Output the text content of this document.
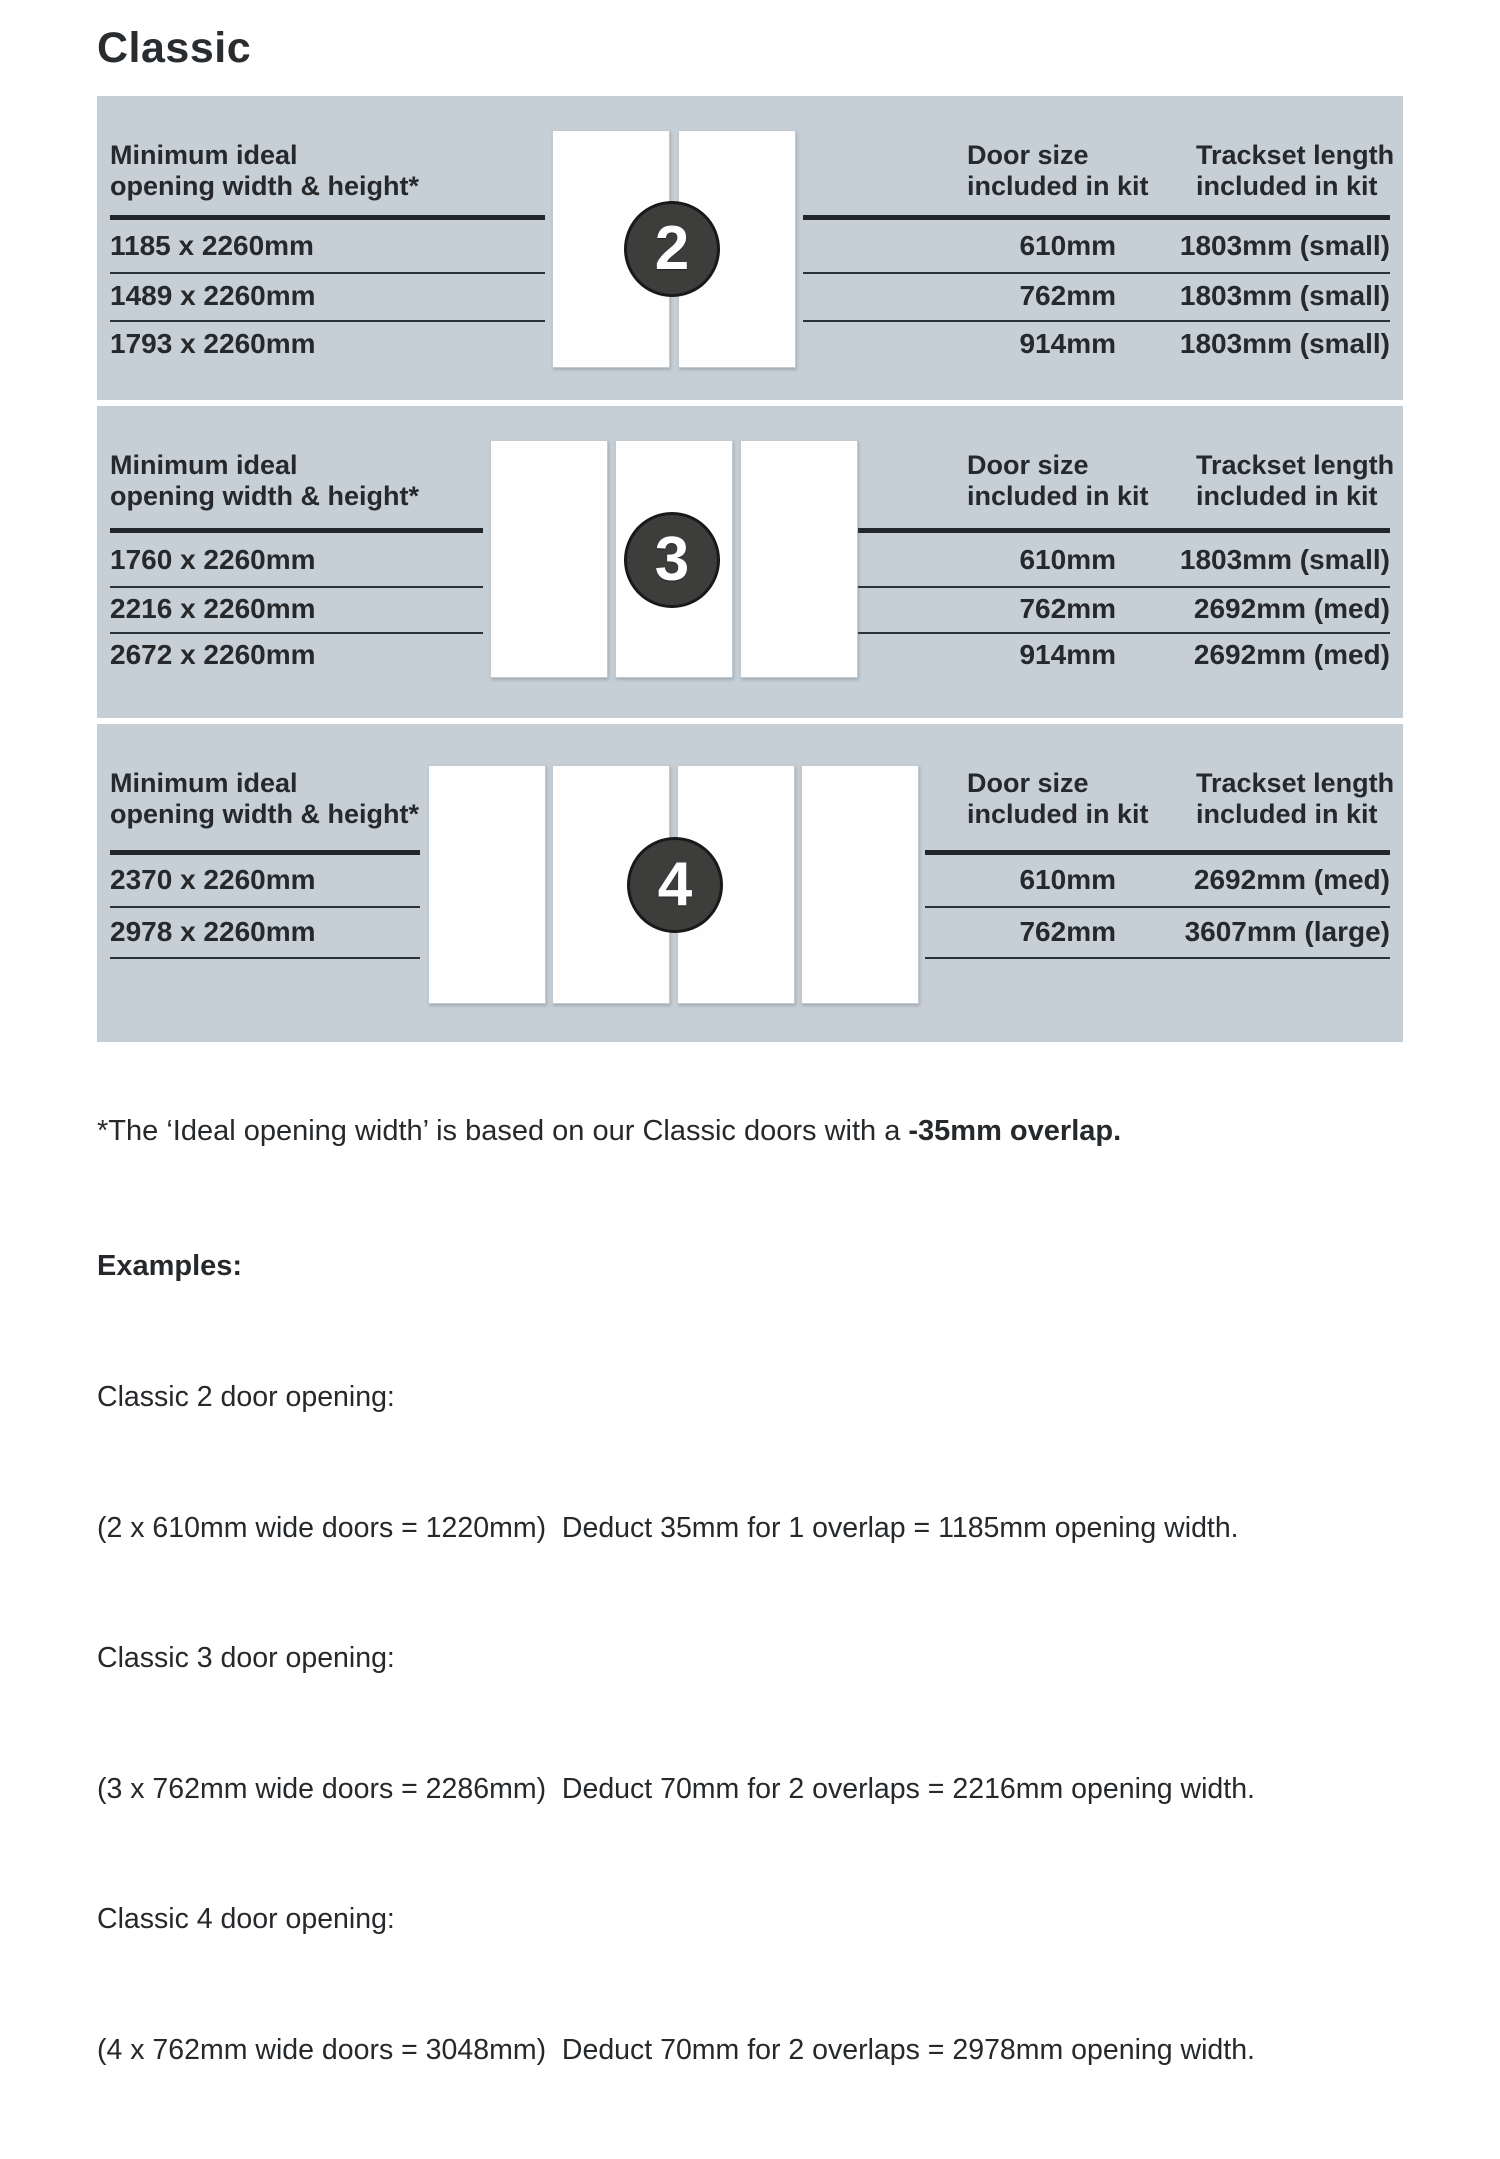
Classic
Minimum ideal
opening width & height*
Door size
included in kit
Trackset length
included in kit
1185 x 2260mm	610mm 1803mm (small)
1489 x 2260mm	762mm 1803mm (small)
1793 x 2260mm	914mm 1803mm (small)
2
Minimum ideal
opening width & height*
Door size
included in kit
Trackset length
included in kit
1760 x 2260mm	610mm 1803mm (small)
2216 x 2260mm	762mm	2692mm (med)
2672 x 2260mm	914mm	2692mm (med)
3
Minimum ideal
opening width & height*
Door size
included in kit
Trackset length
included in kit
2370 x 2260mm	610mm	2692mm (med)
2978 x 2260mm	762mm 3607mm (large)
4

*The ‘Ideal opening width’ is based on our Classic doors with a -35mm overlap.

Examples:

Classic 2 door opening:

(2 x 610mm wide doors = 1220mm)  Deduct 35mm for 1 overlap = 1185mm opening width.

Classic 3 door opening:

(3 x 762mm wide doors = 2286mm)  Deduct 70mm for 2 overlaps = 2216mm opening width.

Classic 4 door opening:

(4 x 762mm wide doors = 3048mm)  Deduct 70mm for 2 overlaps = 2978mm opening width.
